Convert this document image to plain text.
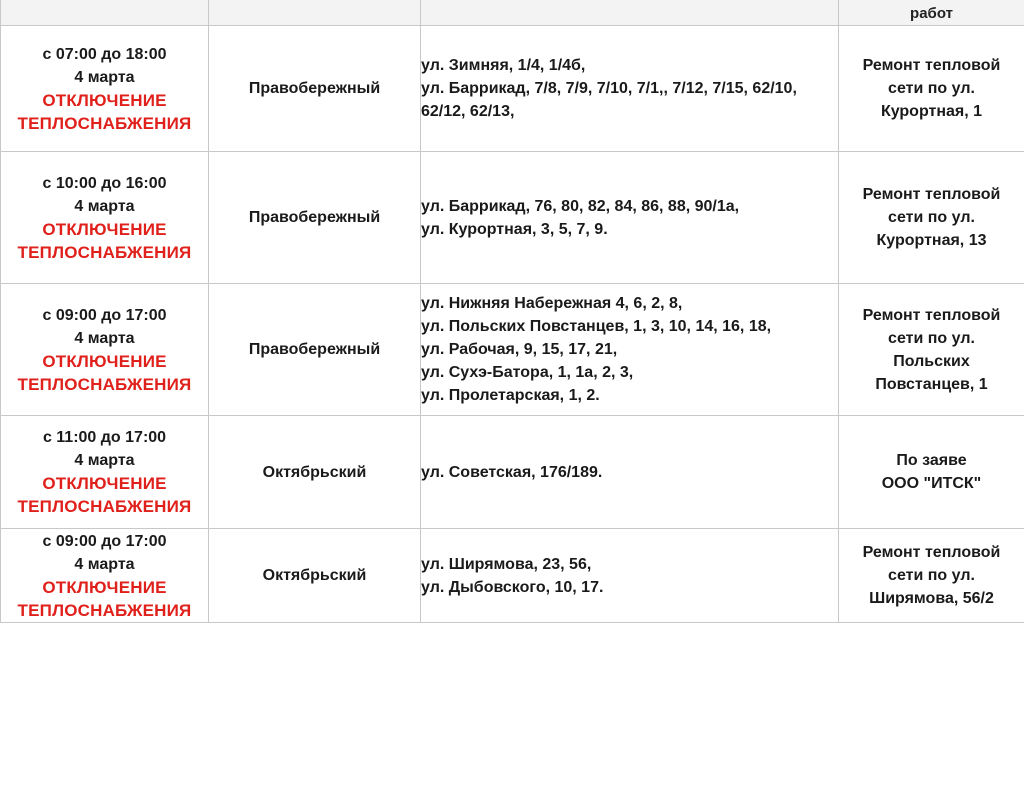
			работ

с 07:00 до 18:00
4 марта
ОТКЛЮЧЕНИЕ
ТЕПЛОСНАБЖЕНИЯ	Правобережный	ул. Зимняя, 1/4, 1/4б,
ул. Баррикад, 7/8, 7/9, 7/10, 7/1,, 7/12, 7/15, 62/10,
62/12, 62/13,	Ремонт тепловой
сети по ул.
Курортная, 1

с 10:00 до 16:00
4 марта
ОТКЛЮЧЕНИЕ
ТЕПЛОСНАБЖЕНИЯ	Правобережный	ул. Баррикад, 76, 80, 82, 84, 86, 88, 90/1а,
ул. Курортная, 3, 5, 7, 9.	Ремонт тепловой
сети по ул.
Курортная, 13

с 09:00 до 17:00
4 марта
ОТКЛЮЧЕНИЕ
ТЕПЛОСНАБЖЕНИЯ	Правобережный	ул. Нижняя Набережная 4, 6, 2, 8,
ул. Польских Повстанцев, 1, 3, 10, 14, 16, 18,
ул. Рабочая, 9, 15, 17, 21,
ул. Сухэ-Батора, 1, 1а, 2, 3,
ул. Пролетарская, 1, 2.	Ремонт тепловой
сети по ул.
Польских
Повстанцев, 1

с 11:00 до 17:00
4 марта
ОТКЛЮЧЕНИЕ
ТЕПЛОСНАБЖЕНИЯ	Октябрьский	ул. Советская, 176/189.	По заяве
ООО "ИТСК"

с 09:00 до 17:00
4 марта
ОТКЛЮЧЕНИЕ
ТЕПЛОСНАБЖЕНИЯ	Октябрьский	ул. Ширямова, 23, 56,
ул. Дыбовского, 10, 17.	Ремонт тепловой
сети по ул.
Ширямова, 56/2
